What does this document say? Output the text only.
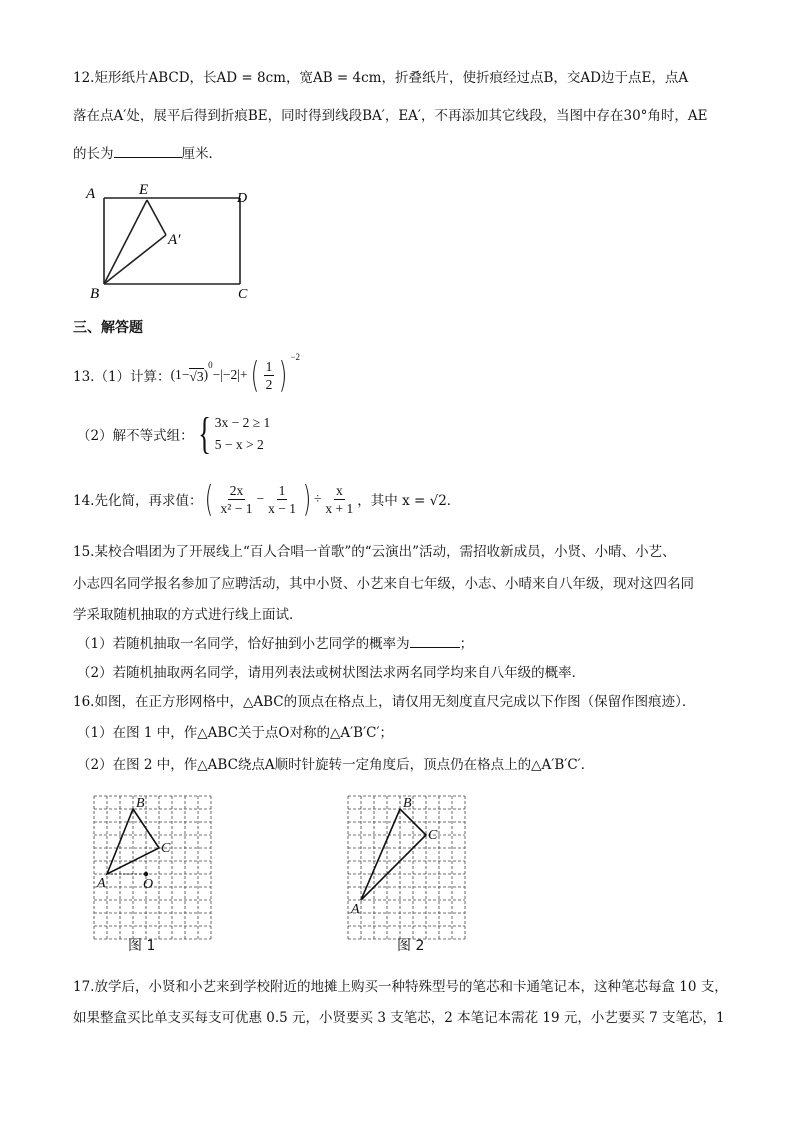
12.矩形纸片ABCD，长AD = 8cm，宽AB = 4cm，折叠纸片，使折痕经过点B，交AD边于点E，点A
落在点A′处，展平后得到折痕BE，同时得到线段BA′，EA′，不再添加其它线段，当图中存在30°角时，AE
的长为	厘米．
A	E
D
A′
B	C
三、解答题
13.（1）计算： (1− √3 )
$^0$
−|−2|+ ( $\frac{1}{2}$ ) $^{-2}$
（2）解不等式组： { 3x − 2 ≥ 1
5 − x > 2
14.先化简，再求值： ( $\frac{2x}{\text{x² − 1}} - \frac{1}{x - 1}$ ) ÷ $\frac{x}{x + 1}$ ，其中 x = √2．
15.某校合唱团为了开展线上“百人合唱一首歌”的“云演出”活动，需招收新成员，小贤、小晴、小艺、
小志四名同学报名参加了应聘活动，其中小贤、小艺来自七年级，小志、小晴来自八年级，现对这四名同
学采取随机抽取的方式进行线上面试．
（1）若随机抽取一名同学，恰好抽到小艺同学的概率为	；
（2）若随机抽取两名同学，请用列表法或树状图法求两名同学均来自八年级的概率．
16.如图，在正方形网格中，△ABC的顶点在格点上，请仅用无刻度直尺完成以下作图（保留作图痕迹）．
（1）在图 1 中，作△ABC关于点O对称的△A′B′C′；
（2）在图 2 中，作△ABC绕点A顺时针旋转一定角度后，顶点仍在格点上的△A′B′C′．
A
B
C
O
图 1
A
B
C
图 2
17.放学后，小贤和小艺来到学校附近的地摊上购买一种特殊型号的笔芯和卡通笔记本，这种笔芯每盒 10 支，
如果整盒买比单支买每支可优惠 0.5 元，小贤要买 3 支笔芯，2 本笔记本需花 19 元，小艺要买 7 支笔芯，1
